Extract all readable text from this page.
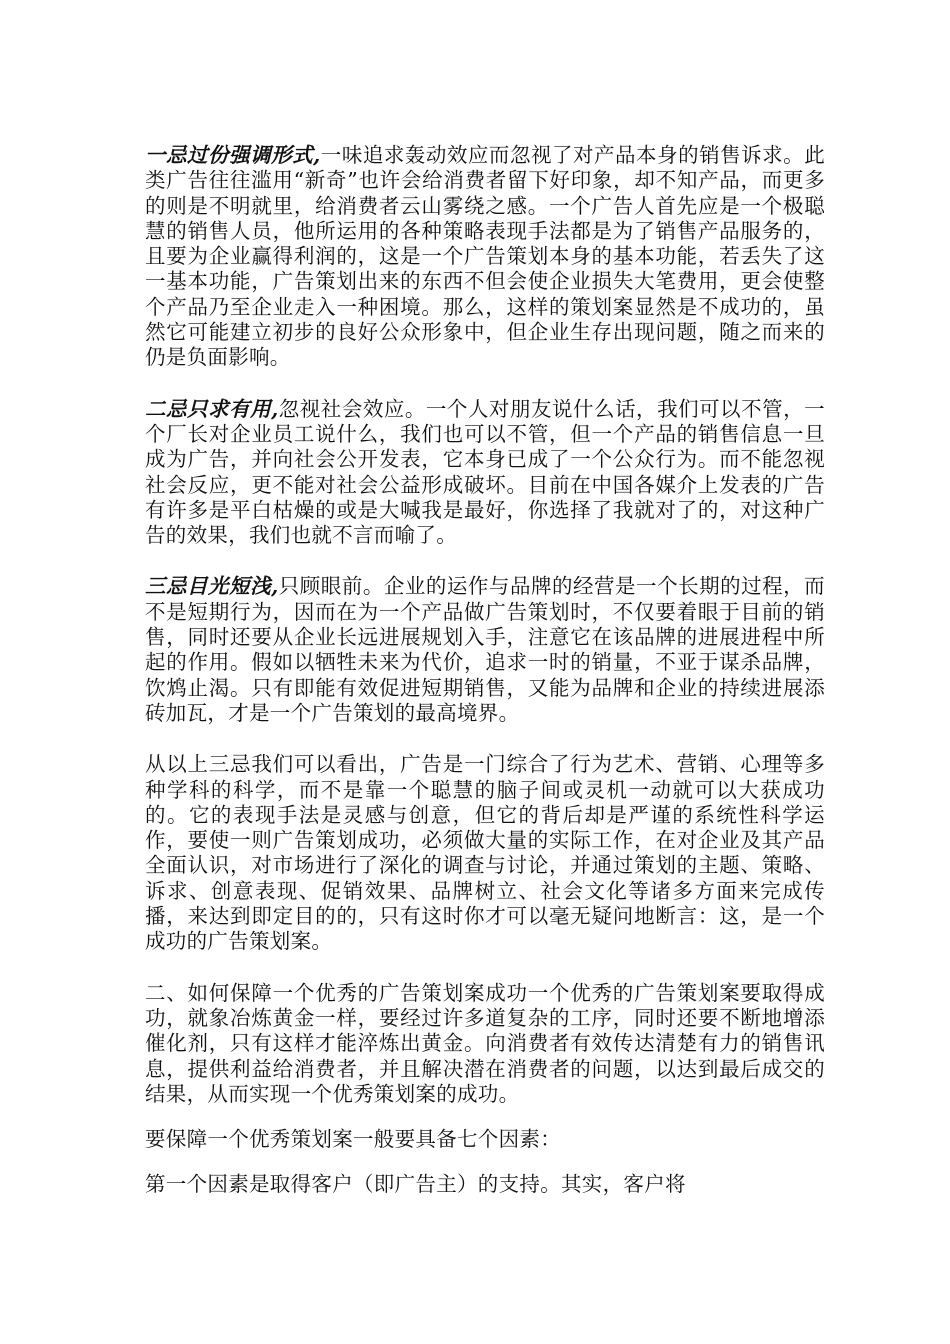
一忌过份强调形式,一味追求轰动效应而忽视了对产品本身的销售诉求。此类广告往往滥用“新奇”也许会给消费者留下好印象，却不知产品，而更多的则是不明就里，给消费者云山雾绕之感。一个广告人首先应是一个极聪慧的销售人员，他所运用的各种策略表现手法都是为了销售产品服务的，且要为企业赢得利润的，这是一个广告策划本身的基本功能，若丢失了这一基本功能，广告策划出来的东西不但会使企业损失大笔费用，更会使整个产品乃至企业走入一种困境。那么，这样的策划案显然是不成功的，虽然它可能建立初步的良好公众形象中，但企业生存出现问题，随之而来的仍是负面影响。

二忌只求有用,忽视社会效应。一个人对朋友说什么话，我们可以不管，一个厂长对企业员工说什么，我们也可以不管，但一个产品的销售信息一旦成为广告，并向社会公开发表，它本身已成了一个公众行为。而不能忽视社会反应，更不能对社会公益形成破坏。目前在中国各媒介上发表的广告有许多是平白枯燥的或是大喊我是最好，你选择了我就对了的，对这种广告的效果，我们也就不言而喻了。

三忌目光短浅,只顾眼前。企业的运作与品牌的经营是一个长期的过程，而不是短期行为，因而在为一个产品做广告策划时，不仅要着眼于目前的销售，同时还要从企业长远进展规划入手，注意它在该品牌的进展进程中所起的作用。假如以牺牲未来为代价，追求一时的销量，不亚于谋杀品牌，饮鸩止渴。只有即能有效促进短期销售，又能为品牌和企业的持续进展添砖加瓦，才是一个广告策划的最高境界。

从以上三忌我们可以看出，广告是一门综合了行为艺术、营销、心理等多种学科的科学，而不是靠一个聪慧的脑子间或灵机一动就可以大获成功的。它的表现手法是灵感与创意，但它的背后却是严谨的系统性科学运作，要使一则广告策划成功，必须做大量的实际工作，在对企业及其产品全面认识，对市场进行了深化的调查与讨论，并通过策划的主题、策略、诉求、创意表现、促销效果、品牌树立、社会文化等诸多方面来完成传播，来达到即定目的的，只有这时你才可以毫无疑问地断言：这，是一个成功的广告策划案。

二、如何保障一个优秀的广告策划案成功一个优秀的广告策划案要取得成功，就象冶炼黄金一样，要经过许多道复杂的工序，同时还要不断地增添催化剂，只有这样才能淬炼出黄金。向消费者有效传达清楚有力的销售讯息，提供利益给消费者，并且解决潜在消费者的问题，以达到最后成交的结果，从而实现一个优秀策划案的成功。

要保障一个优秀策划案一般要具备七个因素：

第一个因素是取得客户（即广告主）的支持。其实，客户将
